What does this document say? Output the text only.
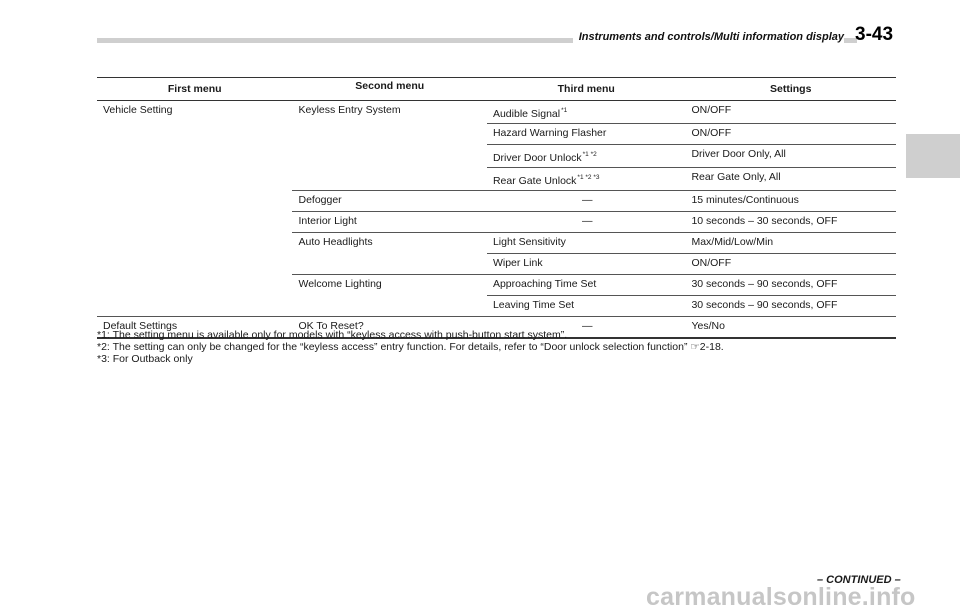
Instruments and controls/Multi information display 3-43
First menu	Second menu	Third menu	Settings
Vehicle Setting	Keyless Entry System	Audible Signal$^{*1}$	ON/OFF
		Hazard Warning Flasher	ON/OFF
		Driver Door Unlock$^{*1 *2}$	Driver Door Only, All
		Rear Gate Unlock$^{*1 *2 *3}$	Rear Gate Only, All
	Defogger	—	15 minutes/Continuous
	Interior Light	—	10 seconds – 30 seconds, OFF
	Auto Headlights	Light Sensitivity	Max/Mid/Low/Min
		Wiper Link	ON/OFF
	Welcome Lighting	Approaching Time Set	30 seconds – 90 seconds, OFF
		Leaving Time Set	30 seconds – 90 seconds, OFF
Default Settings	OK To Reset?	—	Yes/No

*1: The setting menu is available only for models with “keyless access with push-button start system”.

*2: The setting can only be changed for the “keyless access” entry function. For details, refer to “Door unlock selection function” ☞2-18.

*3: For Outback only

– CONTINUED –
carmanualsonline.info
